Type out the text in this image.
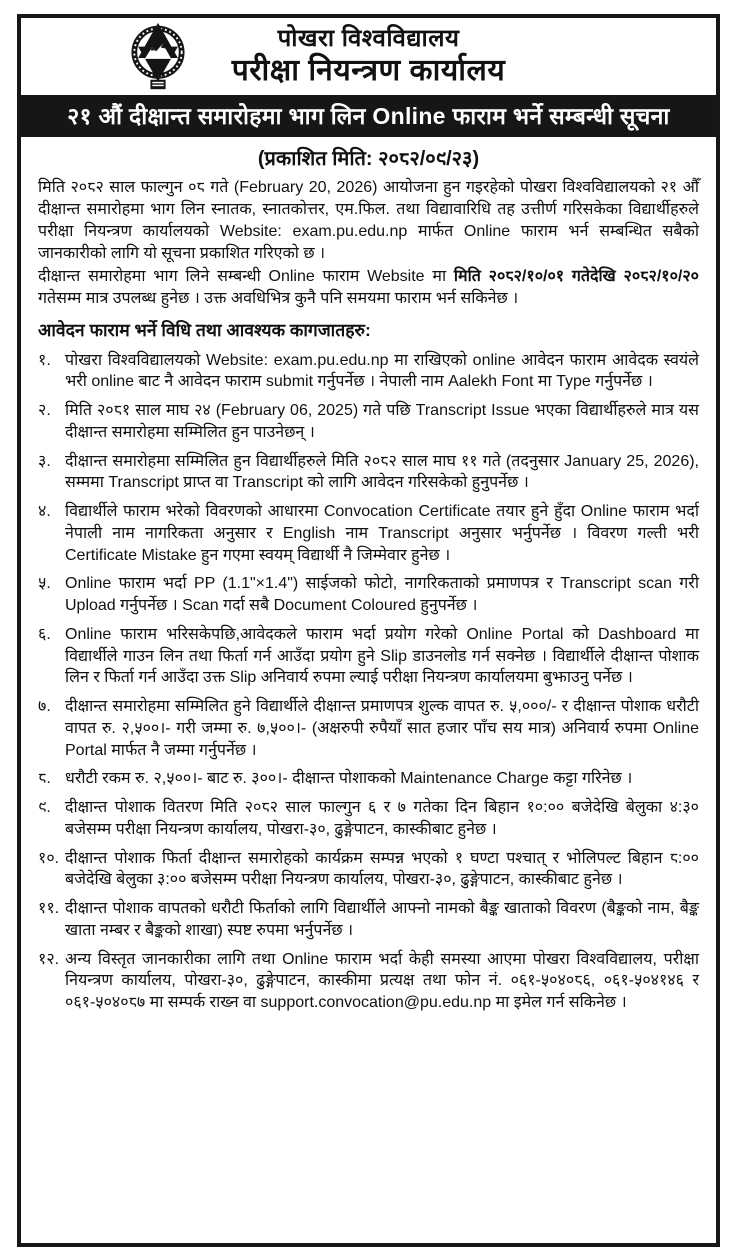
पोखरा विश्वविद्यालय
परीक्षा नियन्त्रण कार्यालय
२१ औं दीक्षान्त समारोहमा भाग लिन Online फाराम भर्ने सम्बन्धी सूचना
(प्रकाशित मिति: २०८२/०९/२३)

मिति २०८२ साल फाल्गुन ०८ गते (February 20, 2026) आयोजना हुन गइरहेको पोखरा विश्वविद्यालयको २१ औँ दीक्षान्त समारोहमा भाग लिन स्नातक, स्नातकोत्तर, एम.फिल. तथा विद्यावारिधि तह उत्तीर्ण गरिसकेका विद्यार्थीहरुले परीक्षा नियन्त्रण कार्यालयको Website: exam.pu.edu.np मार्फत Online फाराम भर्न सम्बन्धित सबैको जानकारीको लागि यो सूचना प्रकाशित गरिएको छ ।

दीक्षान्त समारोहमा भाग लिने सम्बन्धी Online फाराम Website मा मिति २०८२/१०/०१ गतेदेखि २०८२/१०/२० गतेसम्म मात्र उपलब्ध हुनेछ । उक्त अवधिभित्र कुनै पनि समयमा फाराम भर्न सकिनेछ ।

आवेदन फाराम भर्ने विधि तथा आवश्यक कागजातहरु:
१. पोखरा विश्वविद्यालयको Website: exam.pu.edu.np मा राखिएको online आवेदन फाराम आवेदक स्वयंले भरी online बाट नै आवेदन फाराम submit गर्नुपर्नेछ । नेपाली नाम Aalekh Font मा Type गर्नुपर्नेछ ।
२. मिति २०८१ साल माघ २४ (February 06, 2025) गते पछि Transcript Issue भएका विद्यार्थीहरुले मात्र यस दीक्षान्त समारोहमा सम्मिलित हुन पाउनेछन् ।
३. दीक्षान्त समारोहमा सम्मिलित हुन विद्यार्थीहरुले मिति २०८२ साल माघ ११ गते (तदनुसार January 25, 2026), सम्ममा Transcript प्राप्त वा Transcript को लागि आवेदन गरिसकेको हुनुपर्नेछ ।
४. विद्यार्थीले फाराम भरेको विवरणको आधारमा Convocation Certificate तयार हुने हुँदा Online फाराम भर्दा नेपाली नाम नागरिकता अनुसार र English नाम Transcript अनुसार भर्नुपर्नेछ । विवरण गल्ती भरी Certificate Mistake हुन गएमा स्वयम् विद्यार्थी नै जिम्मेवार हुनेछ ।
५. Online फाराम भर्दा PP (1.1"×1.4") साईजको फोटो, नागरिकताको प्रमाणपत्र र Transcript scan गरी Upload गर्नुपर्नेछ । Scan गर्दा सबै Document Coloured हुनुपर्नेछ ।
६. Online फाराम भरिसकेपछि,आवेदकले फाराम भर्दा प्रयोग गरेको Online Portal को Dashboard मा विद्यार्थीले गाउन लिन तथा फिर्ता गर्न आउँदा प्रयोग हुने Slip डाउनलोड गर्न सक्नेछ । विद्यार्थीले दीक्षान्त पोशाक लिन र फिर्ता गर्न आउँदा उक्त Slip अनिवार्य रुपमा ल्याई परीक्षा नियन्त्रण कार्यालयमा बुझाउनु पर्नेछ ।
७. दीक्षान्त समारोहमा सम्मिलित हुने विद्यार्थीले दीक्षान्त प्रमाणपत्र शुल्क वापत रु. ५,०००/- र दीक्षान्त पोशाक धरौटी वापत रु. २,५००।- गरी जम्मा रु. ७,५००।- (अक्षरुपी रुपैयाँ सात हजार पाँच सय मात्र) अनिवार्य रुपमा Online Portal मार्फत नै जम्मा गर्नुपर्नेछ ।
८. धरौटी रकम रु. २,५००।- बाट रु. ३००।- दीक्षान्त पोशाकको Maintenance Charge कट्टा गरिनेछ ।
९. दीक्षान्त पोशाक वितरण मिति २०८२ साल फाल्गुन ६ र ७ गतेका दिन बिहान १०:०० बजेदेखि बेलुका ४:३० बजेसम्म परीक्षा नियन्त्रण कार्यालय, पोखरा-३०, ढुङ्गेपाटन, कास्कीबाट हुनेछ ।
१०. दीक्षान्त पोशाक फिर्ता दीक्षान्त समारोहको कार्यक्रम सम्पन्न भएको १ घण्टा पश्चात् र भोलिपल्ट बिहान ८:०० बजेदेखि बेलुका ३:०० बजेसम्म परीक्षा नियन्त्रण कार्यालय, पोखरा-३०, ढुङ्गेपाटन, कास्कीबाट हुनेछ ।
११. दीक्षान्त पोशाक वापतको धरौटी फिर्ताको लागि विद्यार्थीले आफ्नो नामको बैङ्क खाताको विवरण (बैङ्कको नाम, बैङ्क खाता नम्बर र बैङ्कको शाखा) स्पष्ट रुपमा भर्नुपर्नेछ ।
१२. अन्य विस्तृत जानकारीका लागि तथा Online फाराम भर्दा केही समस्या आएमा पोखरा विश्वविद्यालय, परीक्षा नियन्त्रण कार्यालय, पोखरा-३०, ढुङ्गेपाटन, कास्कीमा प्रत्यक्ष तथा फोन नं. ०६१-५०४०८६, ०६१-५०४१४६ र ०६१-५०४०८७ मा सम्पर्क राख्न वा support.convocation@pu.edu.np मा इमेल गर्न सकिनेछ ।
